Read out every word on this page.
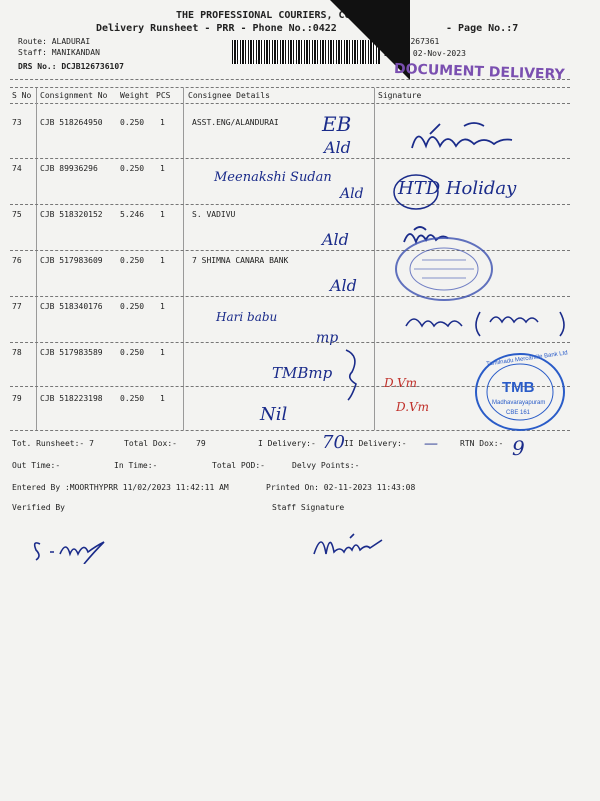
THE PROFESSIONAL COURIERS, CO
Delivery Runsheet - PRR - Phone No.:0422	- Page No.:7
Route: ALADURAI
Staff: MANIKANDAN
DRS No.: DCJB126736107
: 1267361
Date: 02-Nov-2023
DOCUMENT DELIVERY
S No Consignment No Weight PCS Consignee Details	Signature
73 CJB 518264950 0.250 1	ASST.ENG/ALANDURAI
74 CJB 89936296	0.250 1
75 CJB 518320152 5.246 1	S. VADIVU
76 CJB 517983609 0.250 1	7 SHIMNA CANARA BANK
77 CJB 518340176 0.250 1
78 CJB 517983589 0.250 1
79 CJB 518223198 0.250 1
EB
Ald
Meenakshi Sudan
Ald HTD Holiday
Ald
Ald
Hari babu
mp
TMBmp
D.Vm
D.Vm
Nil
Tamilnadu Mercantile Bank Ltd
TMB
Madhavarayapuram
CBE 161
Tot. Runsheet:- 7	Total Dox:- 79	I Delivery:- 70 II Delivery:- —	RTN Dox:- 9
Out Time:-	In Time:-	Total POD:-	Delvy Points:-
Entered By :MOORTHYPRR 11/02/2023 11:42:11 AM	Printed On: 02-11-2023 11:43:08
Verified By	Staff Signature
